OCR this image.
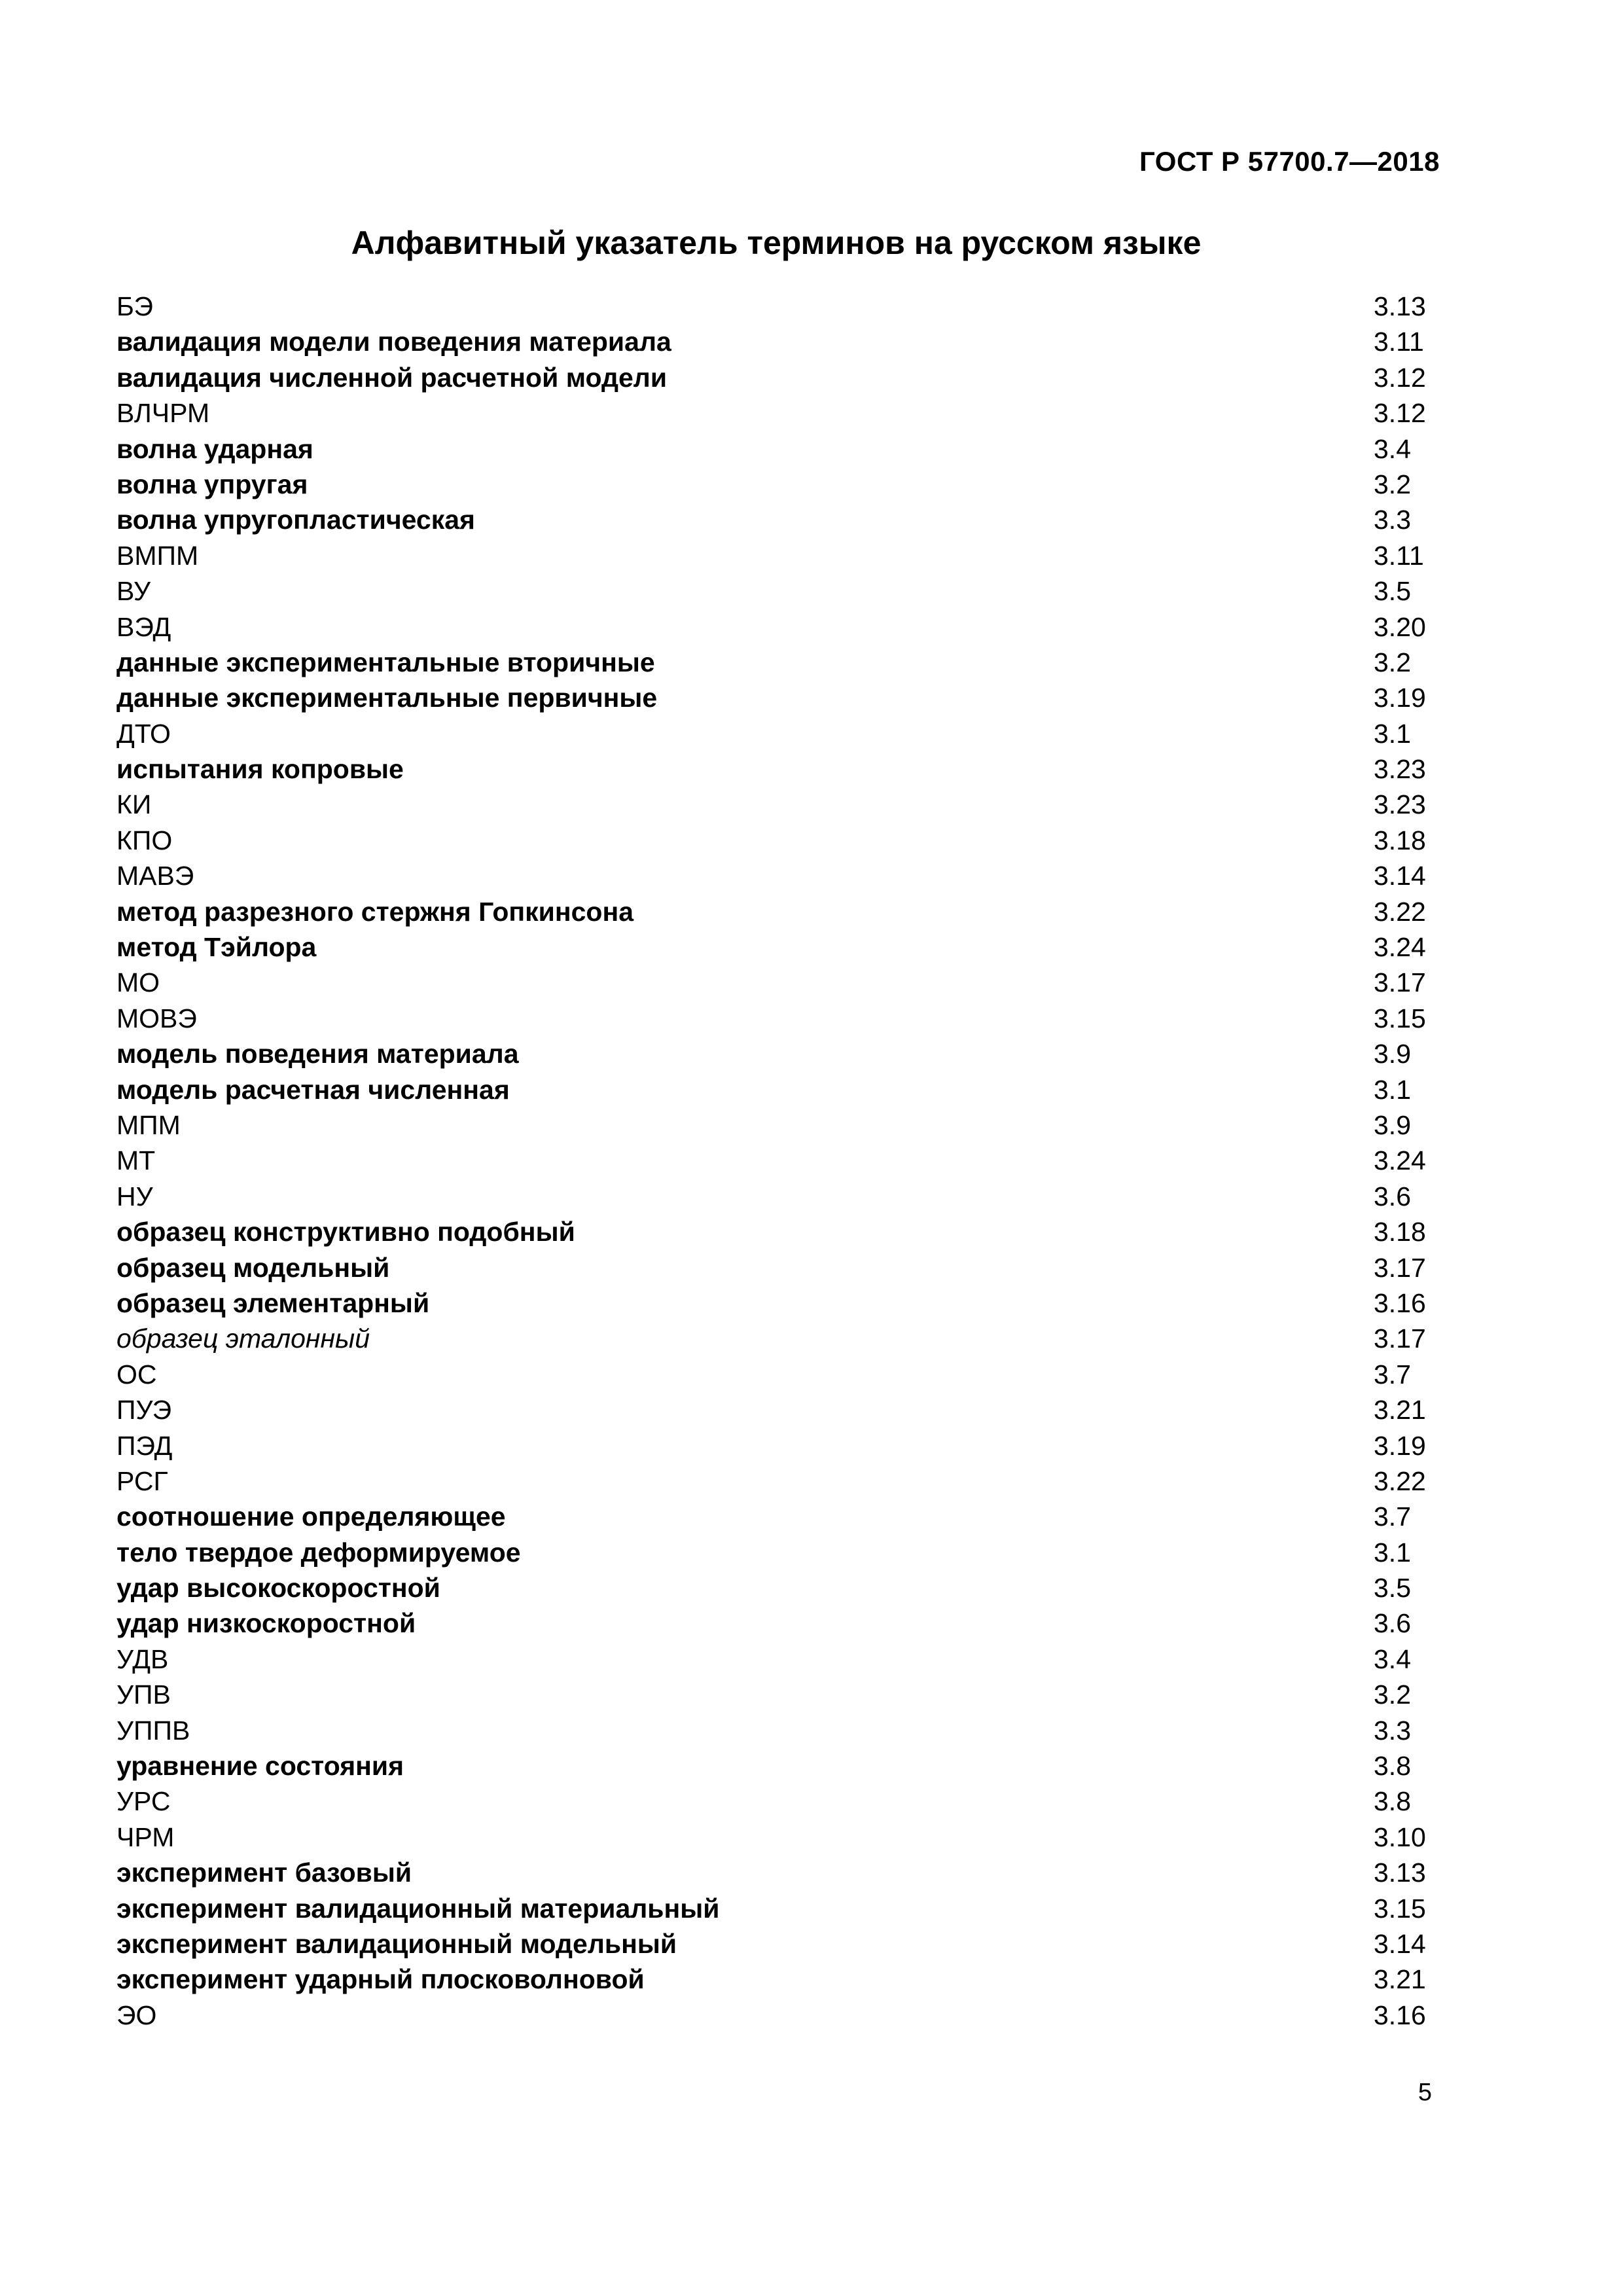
ГОСТ Р 57700.7—2018
Алфавитный указатель терминов на русском языке
БЭ	3.13
валидация модели поведения материала	3.11
валидация численной расчетной модели	3.12
ВЛЧРМ	3.12
волна ударная	3.4
волна упругая	3.2
волна упругопластическая	3.3
ВМПМ	3.11
ВУ	3.5
ВЭД	3.20
данные экспериментальные вторичные	3.2
данные экспериментальные первичные	3.19
ДТО	3.1
испытания копровые	3.23
КИ	3.23
КПО	3.18
МАВЭ	3.14
метод разрезного стержня Гопкинсона	3.22
метод Тэйлора	3.24
МО	3.17
МОВЭ	3.15
модель поведения материала	3.9
модель расчетная численная	3.1
МПМ	3.9
МТ	3.24
НУ	3.6
образец конструктивно подобный	3.18
образец модельный	3.17
образец элементарный	3.16
образец эталонный	3.17
ОС	3.7
ПУЭ	3.21
ПЭД	3.19
РСГ	3.22
соотношение определяющее	3.7
тело твердое деформируемое	3.1
удар высокоскоростной	3.5
удар низкоскоростной	3.6
УДВ	3.4
УПВ	3.2
УППВ	3.3
уравнение состояния	3.8
УРС	3.8
ЧРМ	3.10
эксперимент базовый	3.13
эксперимент валидационный материальный	3.15
эксперимент валидационный модельный	3.14
эксперимент ударный плосковолновой	3.21
ЭО	3.16
5
